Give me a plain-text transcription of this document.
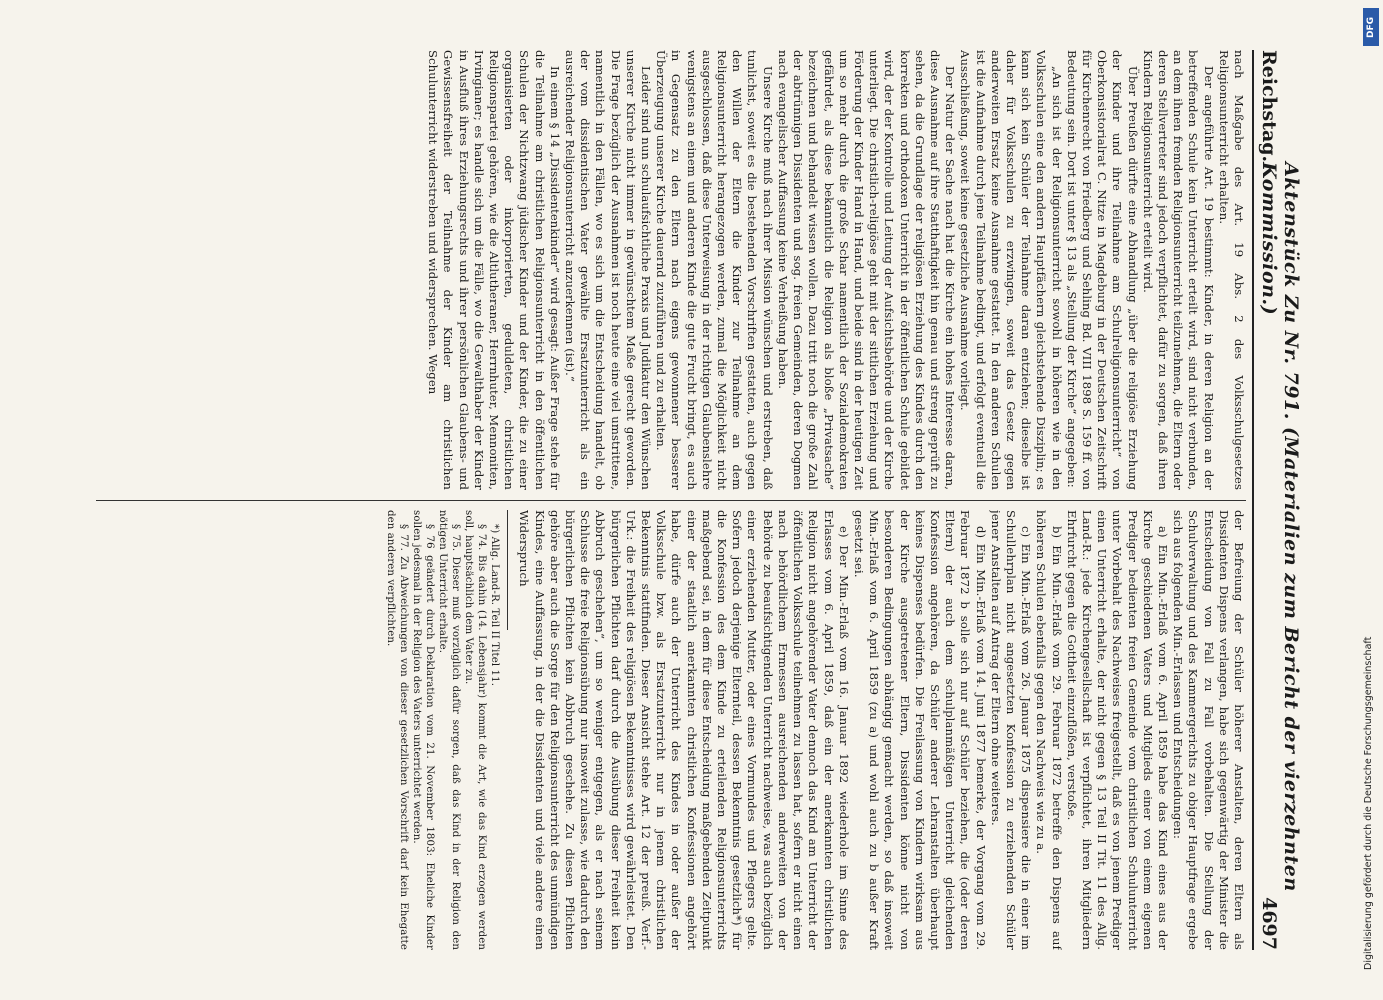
Reichstag.
Aktenstück Zu Nr. 791. (Materialien zum Bericht der vierzehnten Kommission.)
4697

nach Maßgabe des Art. 19 Abs. 2 des Volksschulgesetzes Religionsunterricht erhalten.

Der angeführte Art. 19 bestimmt: Kinder, in deren Religion an der betreffenden Schule kein Unterricht erteilt wird, sind nicht verbunden, an dem ihnen fremden Religionsunterricht teilzunehmen, die Eltern oder deren Stellvertreter sind jedoch verpflichtet, dafür zu sorgen, daß ihren Kindern Religionsunterricht erteilt wird.

Über Preußen dürfte eine Abhandlung „über die religiöse Erziehung der Kinder und ihre Teilnahme am Schulreligionsunterricht“ von Oberkonsistorialrat C. Nitze in Magdeburg in der Deutschen Zeitschrift für Kirchenrecht von Friedberg und Sehling Bd. VIII 1898 S. 159 ff. von Bedeutung sein. Dort ist unter § 13 als „Stellung der Kirche“ angegeben:

„An sich ist der Religionsunterricht sowohl in höheren wie in den Volksschulen eine den andern Hauptfächern gleichstehende Disziplin; es kann sich kein Schüler der Teilnahme daran entziehen; dieselbe ist daher für Volksschulen zu erzwingen, soweit das Gesetz gegen anderweiten Ersatz keine Ausnahme gestattet. In den anderen Schulen ist die Aufnahme durch jene Teilnahme bedingt, und erfolgt eventuell die Ausschließung, soweit keine gesetzliche Ausnahme vorliegt.

Der Natur der Sache nach hat die Kirche ein hohes Interesse daran, diese Ausnahme auf ihre Statthaftigkeit hin genau und streng geprüft zu sehen, da die Grundlage der religiösen Erziehung des Kindes durch den korrekten und orthodoxen Unterricht in der öffentlichen Schule gebildet wird, der der Kontrolle und Leitung der Aufsichtsbehörde und der Kirche unterliegt. Die christlich-religiöse geht mit der sittlichen Erziehung und Förderung der Kinder Hand in Hand, und beide sind in der heutigen Zeit um so mehr durch die große Schar namentlich der Sozialdemokraten gefährdet, als diese bekanntlich die Religion als bloße „Privatsache“ bezeichnen und behandelt wissen wollen. Dazu tritt noch die große Zahl der abtrünnigen Dissidenten und sog. freien Gemeinden, deren Dogmen nach evangelischer Auffassung keine Verheißung haben.

Unsere Kirche muß nach ihrer Mission wünschen und erstreben, daß tunlichst, soweit es die bestehenden Vorschriften gestatten, auch gegen den Willen der Eltern die Kinder zur Teilnahme an dem Religionsunterricht herangezogen werden, zumal die Möglichkeit nicht ausgeschlossen, daß diese Unterweisung in der richtigen Glaubenslehre wenigstens an einem und anderen Kinde die gute Frucht bringt, es auch in Gegensatz zu den Eltern nach eigens gewonnener besserer Überzeugung unserer Kirche dauernd zuzuführen und zu erhalten.

Leider sind nun schulaufsichtliche Praxis und Judikatur den Wünschen unserer Kirche nicht immer in gewünschtem Maße gerecht geworden. Die Frage bezüglich der Ausnahmen ist noch heute eine viel umstrittene, namentlich in den Fällen, wo es sich um die Entscheidung handelt, ob der vom dissidentischen Vater gewählte Ersatzunterricht als ein ausreichender Religionsunterricht anzuerkennen (ist).“

In einem § 14 „Dissidentenkinder“ wird gesagt: Außer Frage stehe für die Teilnahme am christlichen Religionsunterricht in den öffentlichen Schulen der Nichtzwang jüdischer Kinder und der Kinder, die zu einer organisierten oder inkorporierten, geduldeten, christlichen Religionspartei gehören, wie die Altlutheraner, Herrnhuter, Mennoniten, Irvingianer; es handle sich um die Fälle, wo die Gewalthaber der Kinder in Ausfluß ihres Erziehungsrechts und ihrer persönlichen Glaubens- und Gewissensfreiheit der Teilnahme der Kinder am christlichen Schulunterricht widerstreben und widersprechen. Wegen

der Befreiung der Schüler höherer Anstalten, deren Eltern als Dissidenten Dispens verlangen, habe sich gegenwärtig der Minister die Entscheidung von Fall zu Fall vorbehalten. Die Stellung der Schulverwaltung und des Kammergerichts zu obiger Hauptfrage ergebe sich aus folgenden Min.-Erlassen und Entscheidungen:

a) Ein Min.-Erlaß vom 6. April 1859 habe das Kind eines aus der Kirche geschiedenen Vaters und Mitglieds einer von einem eigenen Prediger bedienten freien Gemeinde vom christlichen Schulunterricht unter Vorbehalt des Nachweises freigestellt, daß es von jenem Prediger einen Unterricht erhalte, der nicht gegen § 13 Teil II Tit. 11 des Allg. Land-R.: jede Kirchengesellschaft ist verpflichtet, ihren Mitgliedern Ehrfurcht gegen die Gottheit einzuflößen, verstoße.

b) Ein Min.-Erlaß vom 29. Februar 1872 betreffe den Dispens auf höheren Schulen ebenfalls gegen den Nachweis wie zu a.

c) Ein Min.-Erlaß vom 26. Januar 1875 dispensiere die in einer im Schullehrplan nicht angesetzten Konfession zu erziehenden Schüler jener Anstalten auf Antrag der Eltern ohne weiteres.

d) Ein Min.-Erlaß vom 14. Juni 1877 bemerke, der Vorgang vom 29. Februar 1872 b solle sich nur auf Schüler beziehen, die (oder deren Eltern) der auch dem schulplanmäßigen Unterricht gleichenden Konfession angehören, da Schüler anderer Lehranstalten überhaupt keines Dispenses bedürfen. Die Freilassung von Kindern wirksam aus der Kirche ausgetretener Eltern, Dissidenten könne nicht von besonderen Bedingungen abhängig gemacht werden, so daß insoweit Min.-Erlaß vom 6. April 1859 (zu a) und wohl auch zu b außer Kraft gesetzt sei.

e) Der Min.-Erlaß vom 16. Januar 1892 wiederhole im Sinne des Erlasses vom 6. April 1859, daß ein der anerkannten christlichen Religion nicht angehörender Vater dennoch das Kind am Unterricht der öffentlichen Volksschule teilnehmen zu lassen hat, sofern er nicht einen nach behördlichem Ermessen ausreichenden anderweiten von der Behörde zu beaufsichtigenden Unterricht nachweise, was auch bezüglich einer erziehenden Mutter, oder eines Vormundes und Pflegers gelte. Sofern jedoch derjenige Elternteil, dessen Bekenntnis gesetzlich*) für die Konfession des dem Kinde zu erteilenden Religionsunterrichts maßgebend sei, in dem für diese Entscheidung maßgebenden Zeitpunkt einer der staatlich anerkannten christlichen Konfessionen angehört habe, dürfe auch der Unterricht des Kindes in oder außer der Volksschule bzw. als Ersatzunterricht nur in jenem christlichen Bekenntnis stattfinden. Dieser Ansicht stehe Art. 12 der preuß. Verf.-Urk.: die Freiheit des religiösen Bekenntnisses wird gewährleistet. Den bürgerlichen Pflichten darf durch die Ausübung dieser Freiheit kein Abbruch geschehen“, um so weniger entgegen, als er nach seinem Schlusse die freie Religionsübung nur insoweit zulasse, wie dadurch den bürgerlichen Pflichten kein Abbruch geschehe. Zu diesen Pflichten gehöre aber auch die Sorge für den Religionsunterricht des unmündigen Kindes, eine Auffassung, in der die Dissidenten und viele andere einen Widerspruch

*) Allg. Land-R. Teil II Titel 11.

§ 74. Bis dahin (14. Lebensjahr) kommt die Art, wie das Kind erzogen werden soll, hauptsächlich dem Vater zu.

§ 75. Dieser muß vorzüglich dafür sorgen, daß das Kind in der Religion den nötigen Unterricht erhalte.

§ 76 geändert durch Deklaration vom 21. November 1803: Eheliche Kinder sollen jedesmal in der Religion des Vaters unterrichtet werden.

§ 77. Zu Abweichungen von dieser gesetzlichen Vorschrift darf kein Ehegatte den anderen verpflichten.

DFG
Digitalisierung gefördert durch die Deutsche Forschungsgemeinschaft
